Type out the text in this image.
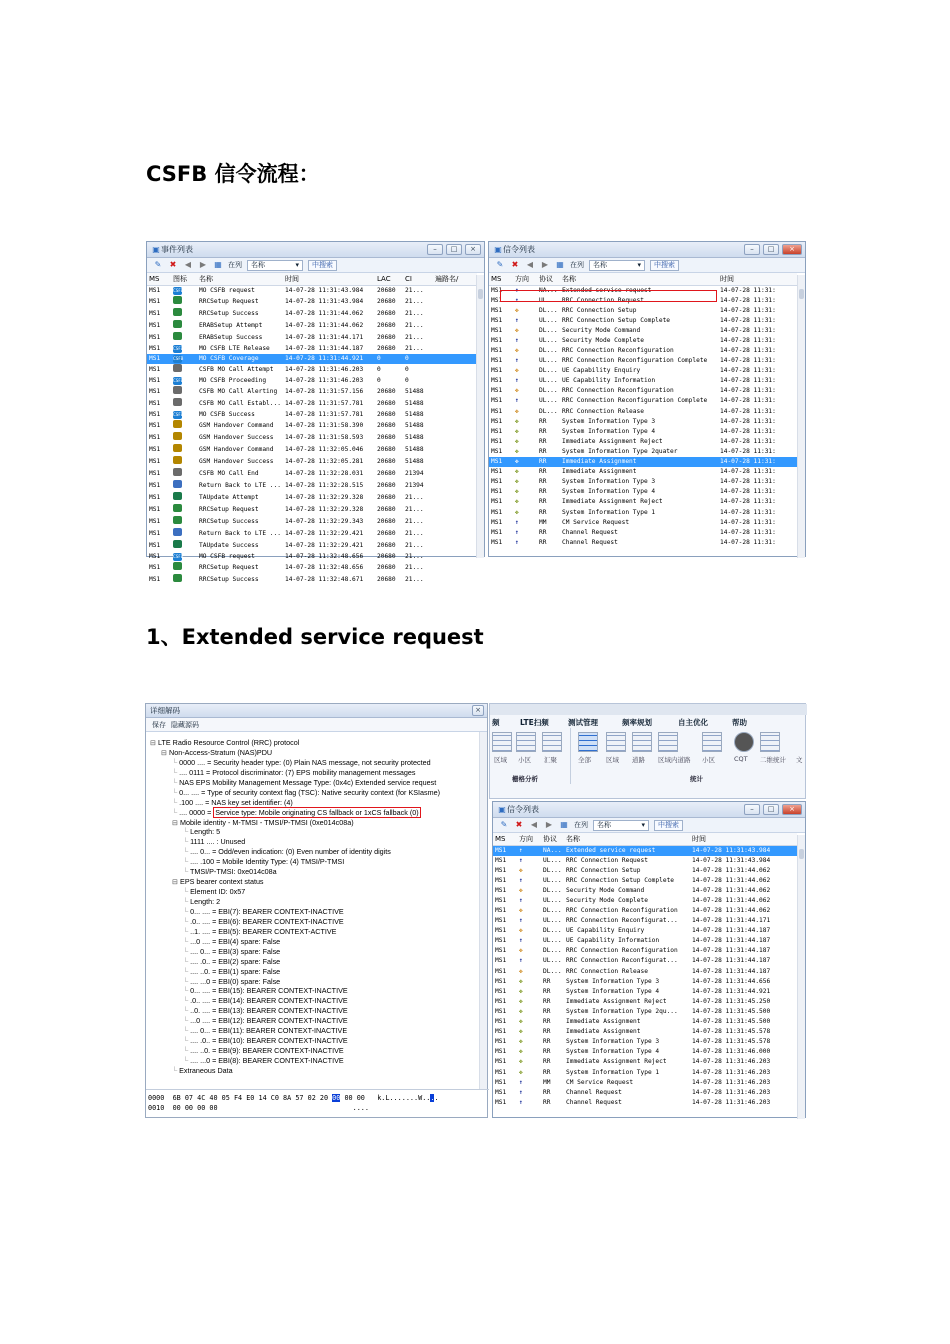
CSFB 信令流程：
1、Extended service request
▣ 事件列表	–	□	×
✎ ✖ ◀ ▶ ▦ 在列	名称	▾	中搜索
MS	图标	名称	时间	LAC	CI	遍路名/
MS1	CSFB	MO CSFB request	14-07-28 11:31:43.984	20680	21...	
MS1		RRCSetup Request	14-07-28 11:31:43.984	20680	21...	
MS1		RRCSetup Success	14-07-28 11:31:44.062	20680	21...	
MS1		ERABSetup Attempt	14-07-28 11:31:44.062	20680	21...	
MS1		ERABSetup Success	14-07-28 11:31:44.171	20680	21...	
MS1	CSFB	MO CSFB LTE Release	14-07-28 11:31:44.187	20680	21...	
MS1	CSFB	MO CSFB Coverage	14-07-28 11:31:44.921	0	0	
MS1		CSFB MO Call Attempt	14-07-28 11:31:46.203	0	0	
MS1	CSFB	MO CSFB Proceeding	14-07-28 11:31:46.203	0	0	
MS1		CSFB MO Call Alerting	14-07-28 11:31:57.156	20680	51488	
MS1		CSFB MO Call Establ...	14-07-28 11:31:57.781	20680	51488	
MS1	CSFB	MO CSFB Success	14-07-28 11:31:57.781	20680	51488	
MS1		GSM Handover Command	14-07-28 11:31:58.390	20680	51488	
MS1		GSM Handover Success	14-07-28 11:31:58.593	20680	51488	
MS1		GSM Handover Command	14-07-28 11:32:05.046	20680	51488	
MS1		GSM Handover Success	14-07-28 11:32:05.281	20680	51488	
MS1		CSFB MO Call End	14-07-28 11:32:28.031	20680	21394	
MS1		Return Back to LTE ...	14-07-28 11:32:28.515	20680	21394	
MS1		TAUpdate Attempt	14-07-28 11:32:29.328	20680	21...	
MS1		RRCSetup Request	14-07-28 11:32:29.328	20680	21...	
MS1		RRCSetup Success	14-07-28 11:32:29.343	20680	21...	
MS1		Return Back to LTE ...	14-07-28 11:32:29.421	20680	21...	
MS1		TAUpdate Success	14-07-28 11:32:29.421	20680	21...	
MS1	CSFB	MO CSFB request	14-07-28 11:32:48.656	20680	21...	
MS1		RRCSetup Request	14-07-28 11:32:48.656	20680	21...	
MS1		RRCSetup Success	14-07-28 11:32:48.671	20680	21...	
▣ 信令列表	–	□	×
✎ ✖ ◀ ▶ ▦ 在列	名称	▾	中搜索
MS	方向	协议	名称	时间
MS1	↑	NA...	Extended service request	14-07-28 11:31:
MS1	↑	UL...	RRC Connection Request	14-07-28 11:31:
MS1	✥	DL...	RRC Connection Setup	14-07-28 11:31:
MS1	↑	UL...	RRC Connection Setup Complete	14-07-28 11:31:
MS1	✥	DL...	Security Mode Command	14-07-28 11:31:
MS1	↑	UL...	Security Mode Complete	14-07-28 11:31:
MS1	✥	DL...	RRC Connection Reconfiguration	14-07-28 11:31:
MS1	↑	UL...	RRC Connection Reconfiguration Complete	14-07-28 11:31:
MS1	✥	DL...	UE Capability Enquiry	14-07-28 11:31:
MS1	↑	UL...	UE Capability Information	14-07-28 11:31:
MS1	✥	DL...	RRC Connection Reconfiguration	14-07-28 11:31:
MS1	↑	UL...	RRC Connection Reconfiguration Complete	14-07-28 11:31:
MS1	✥	DL...	RRC Connection Release	14-07-28 11:31:
MS1	✥	RR	System Information Type 3	14-07-28 11:31:
MS1	✥	RR	System Information Type 4	14-07-28 11:31:
MS1	✥	RR	Immediate Assignment Reject	14-07-28 11:31:
MS1	✥	RR	System Information Type 2quater	14-07-28 11:31:
MS1	✥	RR	Immediate Assignment	14-07-28 11:31:
MS1	✥	RR	Immediate Assignment	14-07-28 11:31:
MS1	✥	RR	System Information Type 3	14-07-28 11:31:
MS1	✥	RR	System Information Type 4	14-07-28 11:31:
MS1	✥	RR	Immediate Assignment Reject	14-07-28 11:31:
MS1	✥	RR	System Information Type 1	14-07-28 11:31:
MS1	↑	MM	CM Service Request	14-07-28 11:31:
MS1	↑	RR	Channel Request	14-07-28 11:31:
MS1	↑	RR	Channel Request	14-07-28 11:31:
详细解码	×
保存 隐藏源码
⊟ LTE Radio Resource Control (RRC) protocol
⊟ Non-Access-Stratum (NAS)PDU
└ 0000 .... = Security header type: (0) Plain NAS message, not security protected
└ .... 0111 = Protocol discriminator: (7) EPS mobility management messages
└ NAS EPS Mobility Management Message Type: (0x4c) Extended service request
└ 0... .... = Type of security context flag (TSC): Native security context (for KSIasme)
└ .100 .... = NAS key set identifier: (4)
└ .... 0000 = Service type: Mobile originating CS fallback or 1xCS fallback (0)
⊟ Mobile identity - M-TMSI - TMSI/P-TMSI (0xe014c08a)
└ Length: 5
└ 1111 .... : Unused
└ .... 0... = Odd/even indication: (0) Even number of identity digits
└ .... .100 = Mobile Identity Type: (4) TMSI/P-TMSI
└ TMSI/P-TMSI: 0xe014c08a
⊟ EPS bearer context status
└ Element ID: 0x57
└ Length: 2
└ 0... .... = EBI(7): BEARER CONTEXT-INACTIVE
└ .0.. .... = EBI(6): BEARER CONTEXT-INACTIVE
└ ..1. .... = EBI(5): BEARER CONTEXT-ACTIVE
└ ...0 .... = EBI(4) spare: False
└ .... 0... = EBI(3) spare: False
└ .... .0.. = EBI(2) spare: False
└ .... ..0. = EBI(1) spare: False
└ .... ...0 = EBI(0) spare: False
└ 0... .... = EBI(15): BEARER CONTEXT-INACTIVE
└ .0.. .... = EBI(14): BEARER CONTEXT-INACTIVE
└ ..0. .... = EBI(13): BEARER CONTEXT-INACTIVE
└ ...0 .... = EBI(12): BEARER CONTEXT-INACTIVE
└ .... 0... = EBI(11): BEARER CONTEXT-INACTIVE
└ .... .0.. = EBI(10): BEARER CONTEXT-INACTIVE
└ .... ..0. = EBI(9): BEARER CONTEXT-INACTIVE
└ .... ...0 = EBI(8): BEARER CONTEXT-INACTIVE
└ Extraneous Data
0000 6B 07 4C 40 05 F4 E0 14 C0 8A 57 02 20 00 00 00 k.L.......W....
0010 00 00 00 00	....
频	LTE扫频	测试管理	频率规划	自主优化	帮助
区域 小区 汇聚	全部 区域 道路 区域内道路 小区	CQT 二维统计 文
栅格分析	统计
▣ 信令列表	–	□	×
✎ ✖ ◀ ▶ ▦ 在列	名称	▾	中搜索
MS	方向	协议	名称	时间
MS1	↑	NA...	Extended service request	14-07-28 11:31:43.984
MS1	↑	UL...	RRC Connection Request	14-07-28 11:31:43.984
MS1	✥	DL...	RRC Connection Setup	14-07-28 11:31:44.062
MS1	↑	UL...	RRC Connection Setup Complete	14-07-28 11:31:44.062
MS1	✥	DL...	Security Mode Command	14-07-28 11:31:44.062
MS1	↑	UL...	Security Mode Complete	14-07-28 11:31:44.062
MS1	✥	DL...	RRC Connection Reconfiguration	14-07-28 11:31:44.062
MS1	↑	UL...	RRC Connection Reconfigurat...	14-07-28 11:31:44.171
MS1	✥	DL...	UE Capability Enquiry	14-07-28 11:31:44.187
MS1	↑	UL...	UE Capability Information	14-07-28 11:31:44.187
MS1	✥	DL...	RRC Connection Reconfiguration	14-07-28 11:31:44.187
MS1	↑	UL...	RRC Connection Reconfigurat...	14-07-28 11:31:44.187
MS1	✥	DL...	RRC Connection Release	14-07-28 11:31:44.187
MS1	✥	RR	System Information Type 3	14-07-28 11:31:44.656
MS1	✥	RR	System Information Type 4	14-07-28 11:31:44.921
MS1	✥	RR	Immediate Assignment Reject	14-07-28 11:31:45.250
MS1	✥	RR	System Information Type 2qu...	14-07-28 11:31:45.500
MS1	✥	RR	Immediate Assignment	14-07-28 11:31:45.500
MS1	✥	RR	Immediate Assignment	14-07-28 11:31:45.578
MS1	✥	RR	System Information Type 3	14-07-28 11:31:45.578
MS1	✥	RR	System Information Type 4	14-07-28 11:31:46.000
MS1	✥	RR	Immediate Assignment Reject	14-07-28 11:31:46.203
MS1	✥	RR	System Information Type 1	14-07-28 11:31:46.203
MS1	↑	MM	CM Service Request	14-07-28 11:31:46.203
MS1	↑	RR	Channel Request	14-07-28 11:31:46.203
MS1	↑	RR	Channel Request	14-07-28 11:31:46.203
